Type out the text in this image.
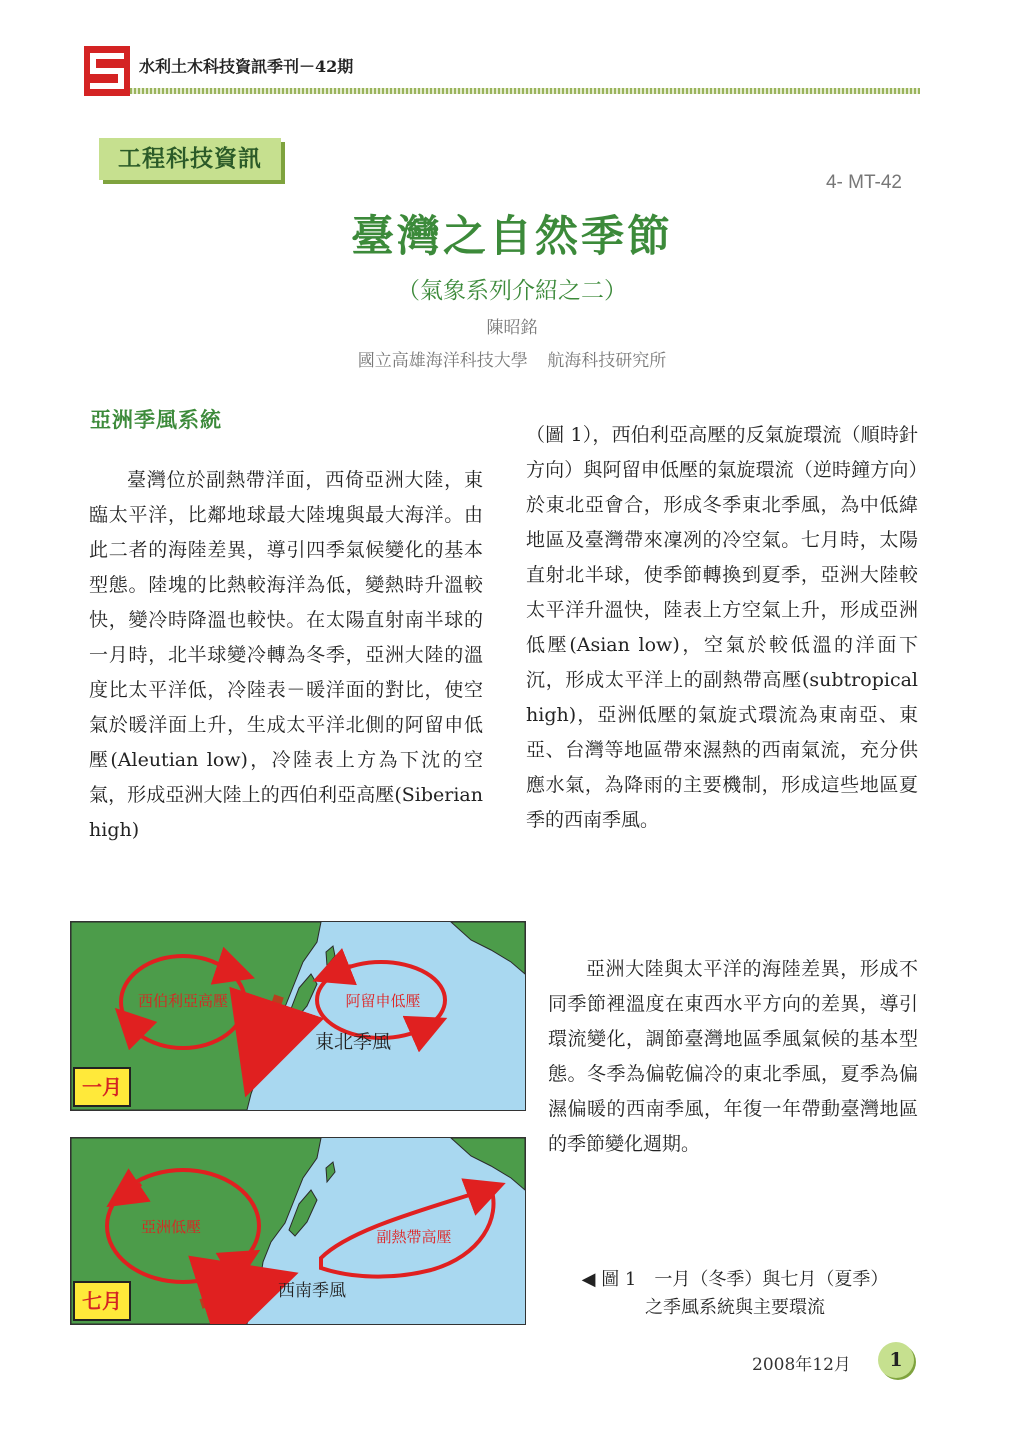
水利土木科技資訊季刊－42期
工程科技資訊
4- MT-42
臺灣之自然季節
（氣象系列介紹之二）
陳昭銘
國立高雄海洋科技大學 航海科技研究所
亞洲季風系統
臺灣位於副熱帶洋面，西倚亞洲大陸，東臨太平洋，比鄰地球最大陸塊與最大海洋。由此二者的海陸差異，導引四季氣候變化的基本型態。陸塊的比熱較海洋為低，變熱時升溫較快，變冷時降溫也較快。在太陽直射南半球的一月時，北半球變冷轉為冬季，亞洲大陸的溫度比太平洋低，冷陸表－暖洋面的對比，使空氣於暖洋面上升，生成太平洋北側的阿留申低壓(Aleutian low)，冷陸表上方為下沈的空氣，形成亞洲大陸上的西伯利亞高壓(Siberian high)
（圖 1），西伯利亞高壓的反氣旋環流（順時針方向）與阿留申低壓的氣旋環流（逆時鐘方向）於東北亞會合，形成冬季東北季風，為中低緯地區及臺灣帶來凜冽的冷空氣。七月時，太陽直射北半球，使季節轉換到夏季，亞洲大陸較太平洋升溫快，陸表上方空氣上升，形成亞洲低壓(Asian low)，空氣於較低溫的洋面下沉，形成太平洋上的副熱帶高壓(subtropical high)，亞洲低壓的氣旋式環流為東南亞、東亞、台灣等地區帶來濕熱的西南氣流，充分供應水氣，為降雨的主要機制，形成這些地區夏季的西南季風。
亞洲大陸與太平洋的海陸差異，形成不同季節裡溫度在東西水平方向的差異，導引環流變化，調節臺灣地區季風氣候的基本型態。冬季為偏乾偏冷的東北季風，夏季為偏濕偏暖的西南季風，年復一年帶動臺灣地區的季節變化週期。
西伯利亞高壓	阿留申低壓
東北季風
一月
亞洲低壓
副熱帶高壓
西南季風
七月
◀ 圖 1　一月（冬季）與七月（夏季）
之季風系統與主要環流
2008年12月	1
